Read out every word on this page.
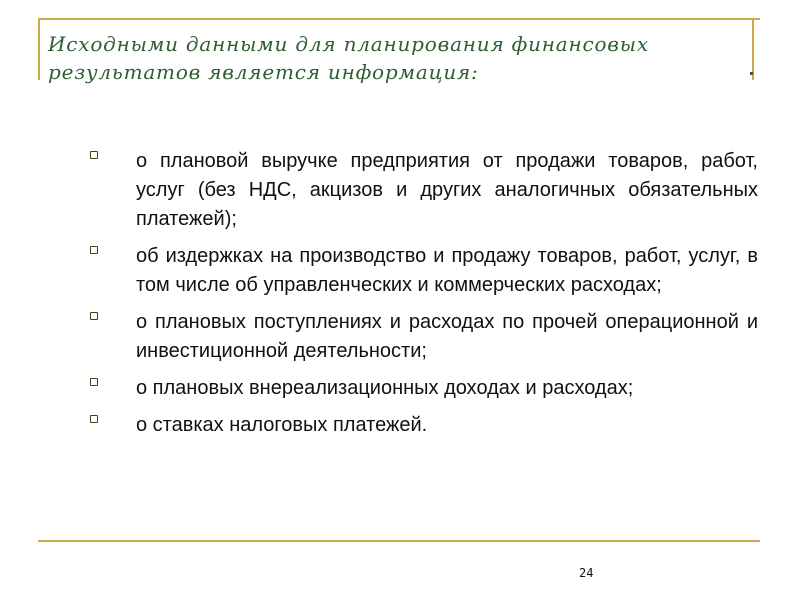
Исходными данными для планирования финансовых результатов является информация:
о плановой выручке предприятия от продажи товаров, работ, услуг (без НДС, акцизов и других аналогичных обязательных платежей);
об издержках на производство и продажу товаров, работ, услуг, в том числе об управленческих и коммерческих расходах;
о плановых поступлениях и расходах по прочей операционной и инвестиционной деятельности;
о плановых внереализационных доходах и расходах;
о ставках налоговых платежей.
24
